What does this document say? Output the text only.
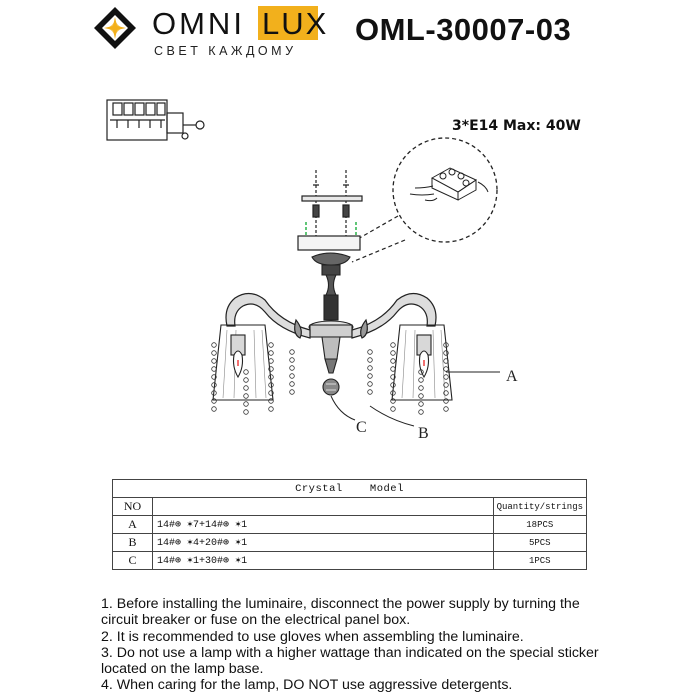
OMNI LUX
СВЕТ КАЖДОМУ
OML-30007-03
A
C	B
3*E14 Max: 40W
Crystal    Model		
NO		Quantity/strings
A	14#⊕ ✶7+14#⊕ ✶1	18PCS
B	14#⊕ ✶4+20#⊕ ✶1	5PCS
C	14#⊕ ✶1+30#⊕ ✶1	1PCS

1. Before installing the luminaire, disconnect the power supply by turning the circuit breaker or fuse on the electrical panel box.

2. It is recommended to use gloves when assembling the luminaire.

3. Do not use a lamp with a higher wattage than indicated on the special sticker located on the lamp base.

4. When caring for the lamp, DO NOT use aggressive detergents.
